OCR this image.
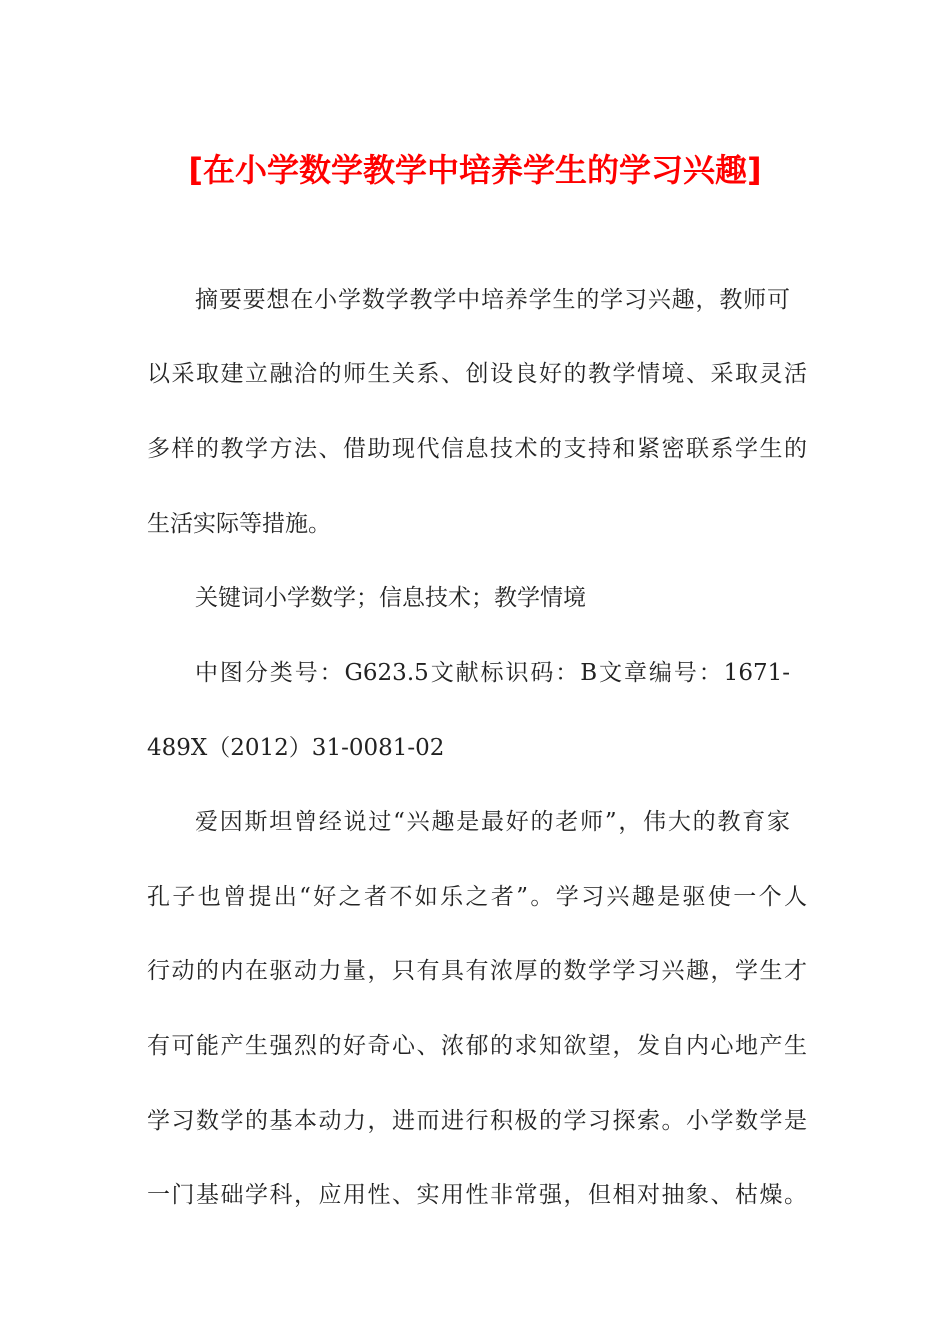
[在小学数学教学中培养学生的学习兴趣]

摘要要想在小学数学教学中培养学生的学习兴趣，教师可

以采取建立融洽的师生关系、创设良好的教学情境、采取灵活

多样的教学方法、借助现代信息技术的支持和紧密联系学生的

生活实际等措施。

关键词小学数学；信息技术；教学情境

中图分类号：G623.5文献标识码：B文章编号：1671-

489X（2012）31-0081-02

爱因斯坦曾经说过“兴趣是最好的老师”，伟大的教育家

孔子也曾提出“好之者不如乐之者”。学习兴趣是驱使一个人

行动的内在驱动力量，只有具有浓厚的数学学习兴趣，学生才

有可能产生强烈的好奇心、浓郁的求知欲望，发自内心地产生

学习数学的基本动力，进而进行积极的学习探索。小学数学是

一门基础学科，应用性、实用性非常强，但相对抽象、枯燥。
